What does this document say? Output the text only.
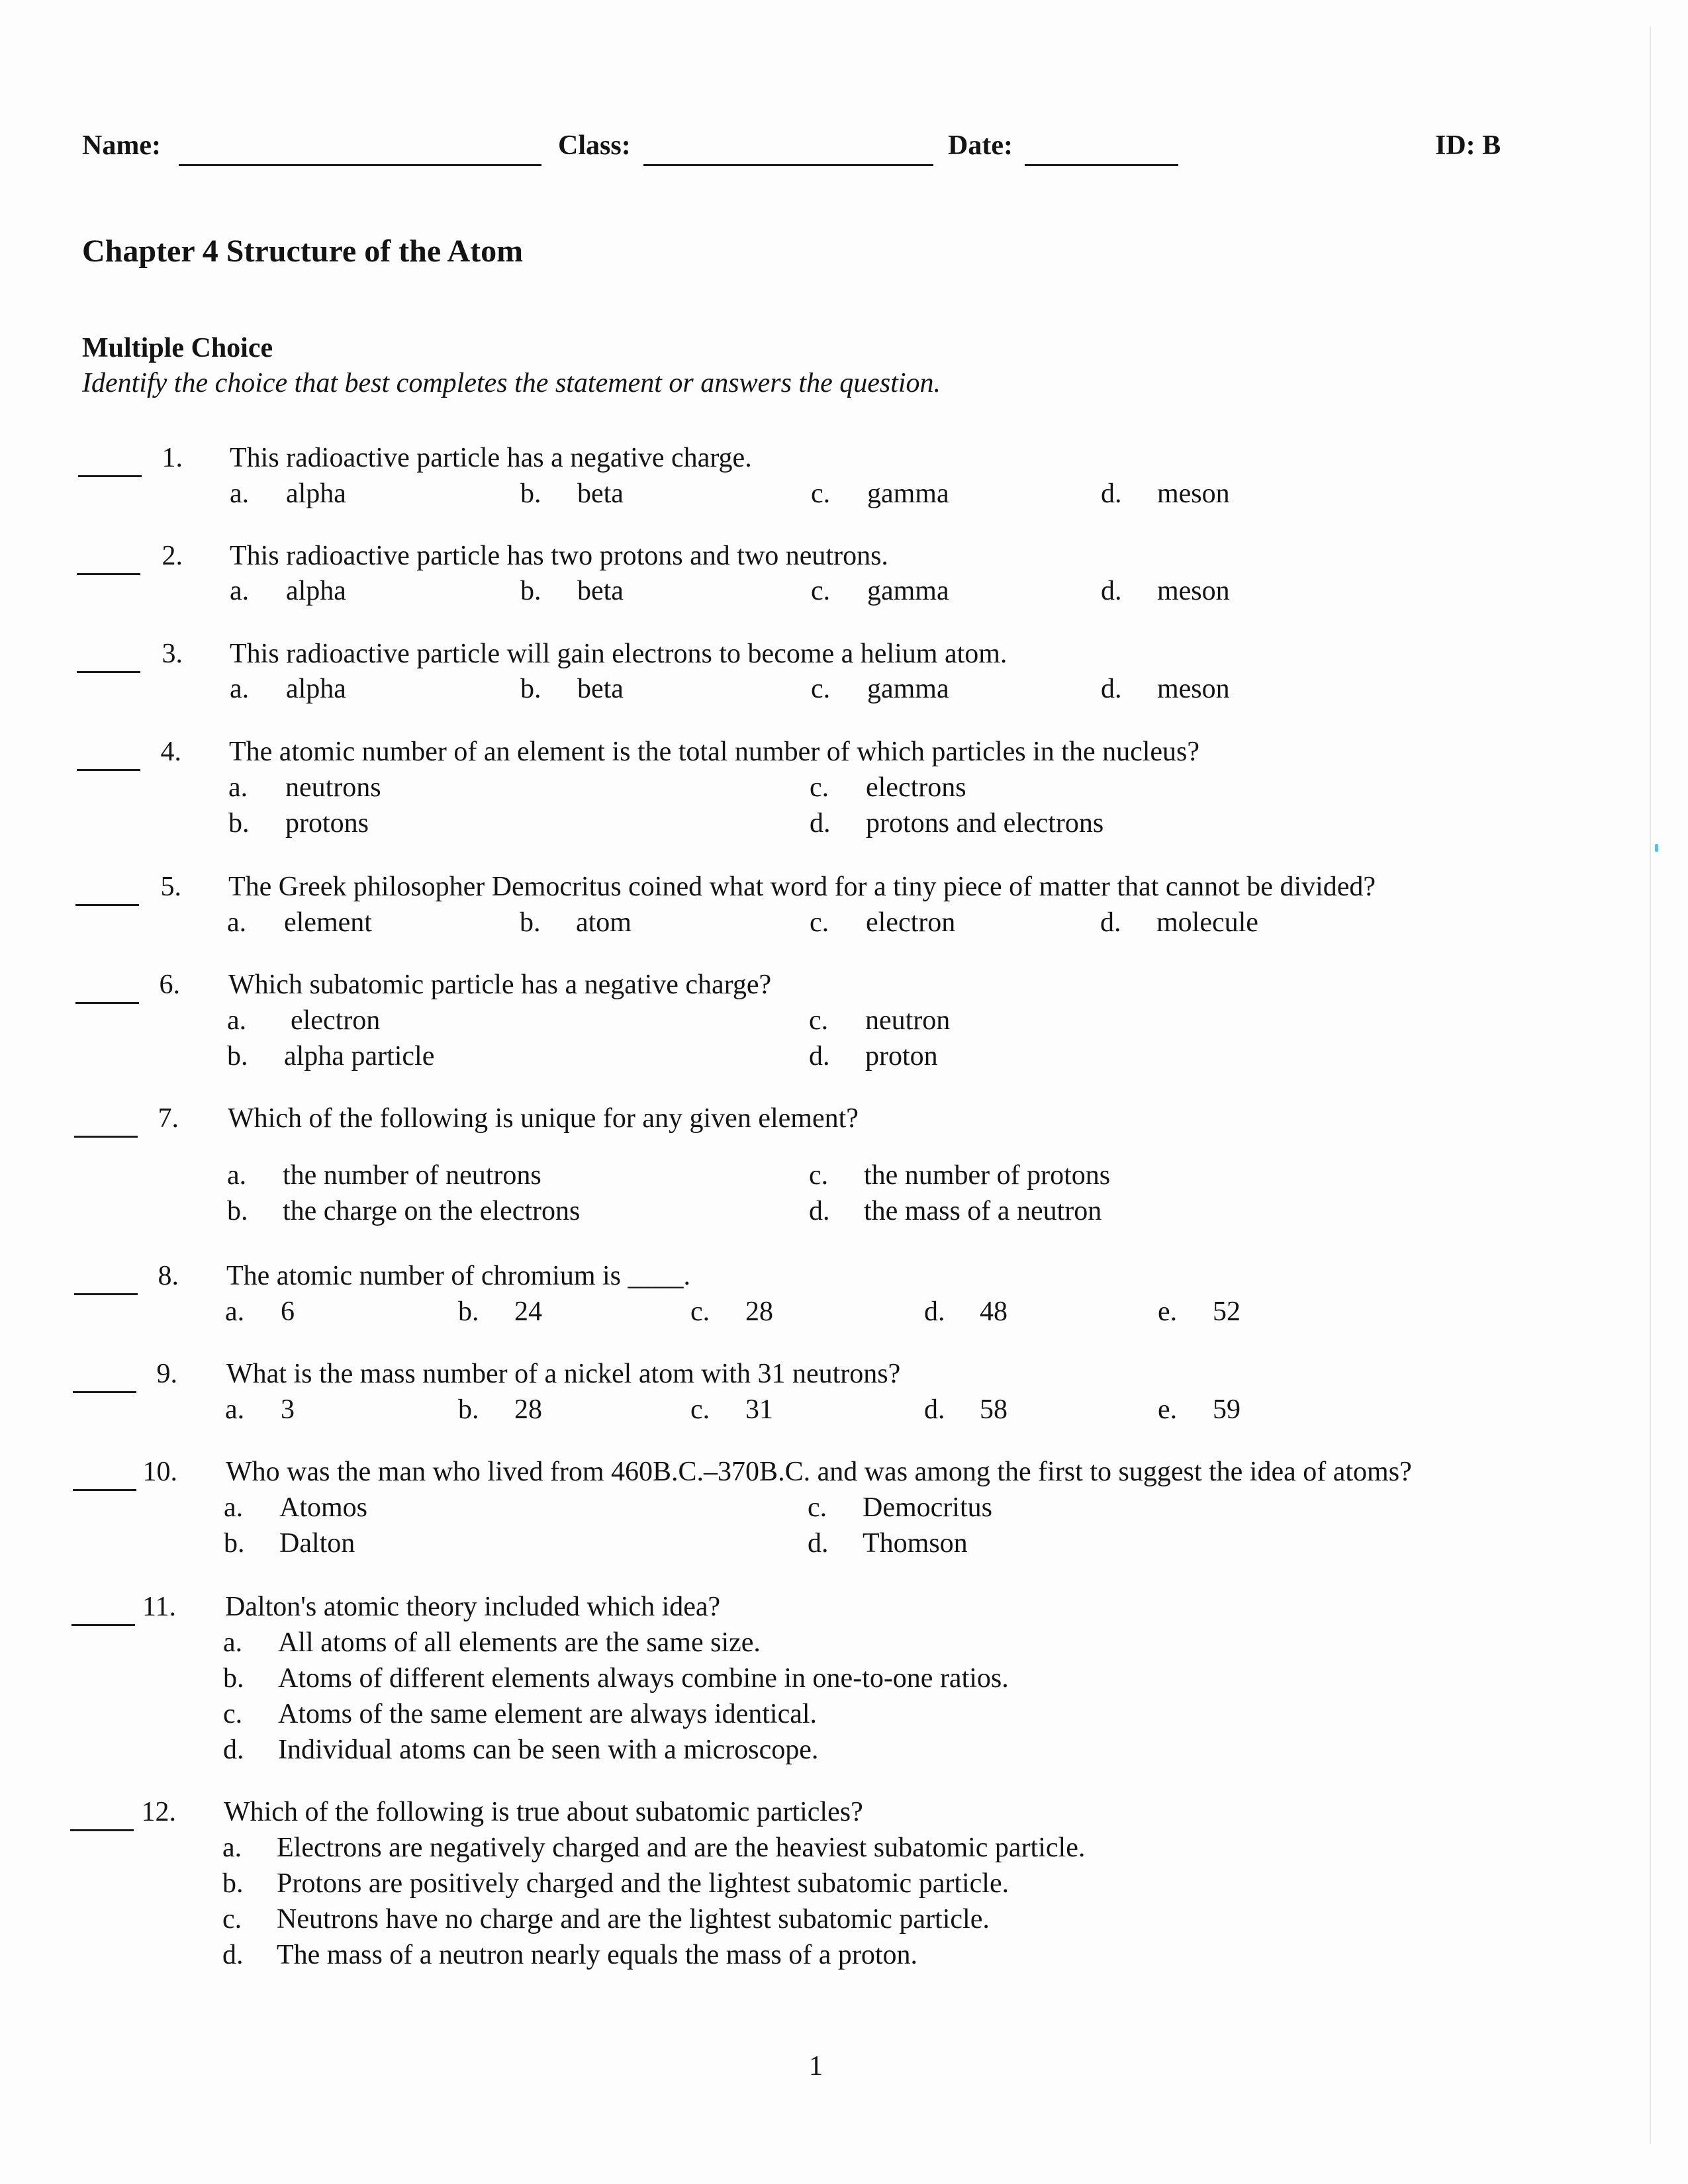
Name:	Class:	Date:	ID: B
Chapter 4 Structure of the Atom
Multiple Choice
Identify the choice that best completes the statement or answers the question.
1. This radioactive particle has a negative charge.
a. alpha	b. beta	c. gamma	d. meson
2. This radioactive particle has two protons and two neutrons.
a. alpha	b. beta	c. gamma	d. meson
3. This radioactive particle will gain electrons to become a helium atom.
a. alpha	b. beta	c. gamma	d. meson
4. The atomic number of an element is the total number of which particles in the nucleus?
a. neutrons	c. electrons
b. protons	d. protons and electrons
5. The Greek philosopher Democritus coined what word for a tiny piece of matter that cannot be divided?
a. element	b. atom	c. electron	d. molecule
6. Which subatomic particle has a negative charge?
a. electron	c. neutron
b. alpha particle	d. proton
7. Which of the following is unique for any given element?
a. the number of neutrons	c. the number of protons
b. the charge on the electrons	d. the mass of a neutron
8. The atomic number of chromium is ____.
a. 6	b. 24	c. 28	d. 48	e. 52
9. What is the mass number of a nickel atom with 31 neutrons?
a. 3	b. 28	c. 31	d. 58	e. 59
10. Who was the man who lived from 460B.C.–370B.C. and was among the first to suggest the idea of atoms?
a. Atomos	c. Democritus
b. Dalton	d. Thomson
11. Dalton's atomic theory included which idea?
a. All atoms of all elements are the same size.
b. Atoms of different elements always combine in one-to-one ratios.
c. Atoms of the same element are always identical.
d. Individual atoms can be seen with a microscope.
12. Which of the following is true about subatomic particles?
a. Electrons are negatively charged and are the heaviest subatomic particle.
b. Protons are positively charged and the lightest subatomic particle.
c. Neutrons have no charge and are the lightest subatomic particle.
d. The mass of a neutron nearly equals the mass of a proton.
1
